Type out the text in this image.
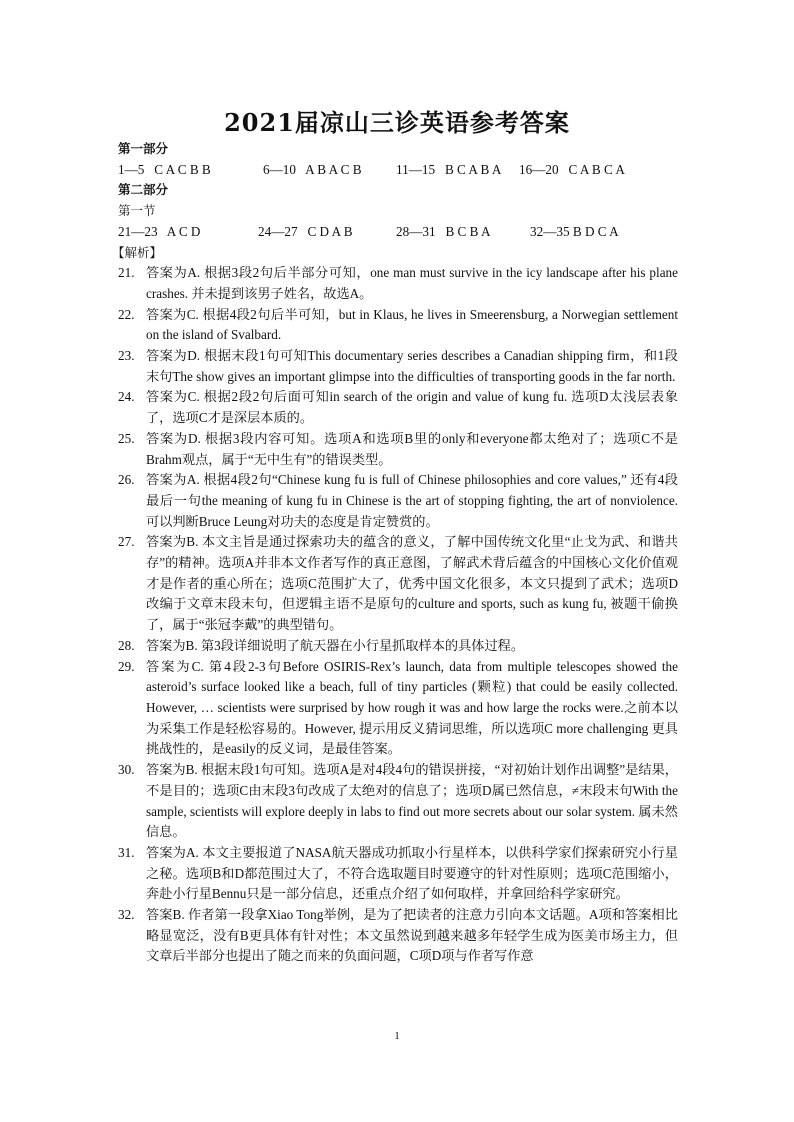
2021届凉山三诊英语参考答案
第一部分
1—5   C A C B B	6—10   A B A C B	11—15   B C A B A	16—20   C A B C A
第二部分
第一节
21—23   A C D	24—27   C D A B	28—31   B C B A	32—35 B D C A
【解析】
21. 答案为A. 根据3段2句后半部分可知，one man must survive in the icy landscape after his plane crashes. 并未提到该男子姓名，故选A。
22. 答案为C. 根据4段2句后半可知，but in Klaus, he lives in Smeerensburg, a Norwegian settlement on the island of Svalbard.
23. 答案为D. 根据末段1句可知This documentary series describes a Canadian shipping firm，和1段末句The show gives an important glimpse into the difficulties of transporting goods in the far north.
24. 答案为C. 根据2段2句后面可知in search of the origin and value of kung fu. 选项D太浅层表象了，选项C才是深层本质的。
25. 答案为D. 根据3段内容可知。选项A和选项B里的only和everyone都太绝对了；选项C不是Brahm观点，属于“无中生有”的错误类型。
26. 答案为A. 根据4段2句“Chinese kung fu is full of Chinese philosophies and core values,” 还有4段最后一句the meaning of kung fu in Chinese is the art of stopping fighting, the art of nonviolence. 可以判断Bruce Leung对功夫的态度是肯定赞赏的。
27. 答案为B. 本文主旨是通过探索功夫的蕴含的意义，了解中国传统文化里“止戈为武、和谐共存”的精神。选项A并非本文作者写作的真正意图，了解武术背后蕴含的中国核心文化价值观才是作者的重心所在；选项C范围扩大了，优秀中国文化很多，本文只提到了武术；选项D改编于文章末段末句，但逻辑主语不是原句的culture and sports, such as kung fu, 被题干偷换了，属于“张冠李戴”的典型错句。
28. 答案为B. 第3段详细说明了航天器在小行星抓取样本的具体过程。
29. 答案为C. 第4段2-3句Before OSIRIS-Rex’s launch, data from multiple telescopes showed the asteroid’s surface looked like a beach, full of tiny particles (颗粒) that could be easily collected. However, … scientists were surprised by how rough it was and how large the rocks were.之前本以为采集工作是轻松容易的。However, 提示用反义猜词思维，所以选项C more challenging 更具挑战性的，是easily的反义词，是最佳答案。
30. 答案为B. 根据末段1句可知。选项A是对4段4句的错误拼接，“对初始计划作出调整”是结果，不是目的；选项C由末段3句改成了太绝对的信息了；选项D属已然信息，≠末段末句With the sample, scientists will explore deeply in labs to find out more secrets about our solar system. 属未然信息。
31. 答案为A. 本文主要报道了NASA航天器成功抓取小行星样本，以供科学家们探索研究小行星之秘。选项B和D都范围过大了，不符合选取题目时要遵守的针对性原则；选项C范围缩小，奔赴小行星Bennu只是一部分信息，还重点介绍了如何取样，并拿回给科学家研究。
32. 答案B. 作者第一段拿Xiao Tong举例，是为了把读者的注意力引向本文话题。A项和答案相比略显宽泛，没有B更具体有针对性；本文虽然说到越来越多年轻学生成为医美市场主力，但文章后半部分也提出了随之而来的负面问题，C项D项与作者写作意
1
